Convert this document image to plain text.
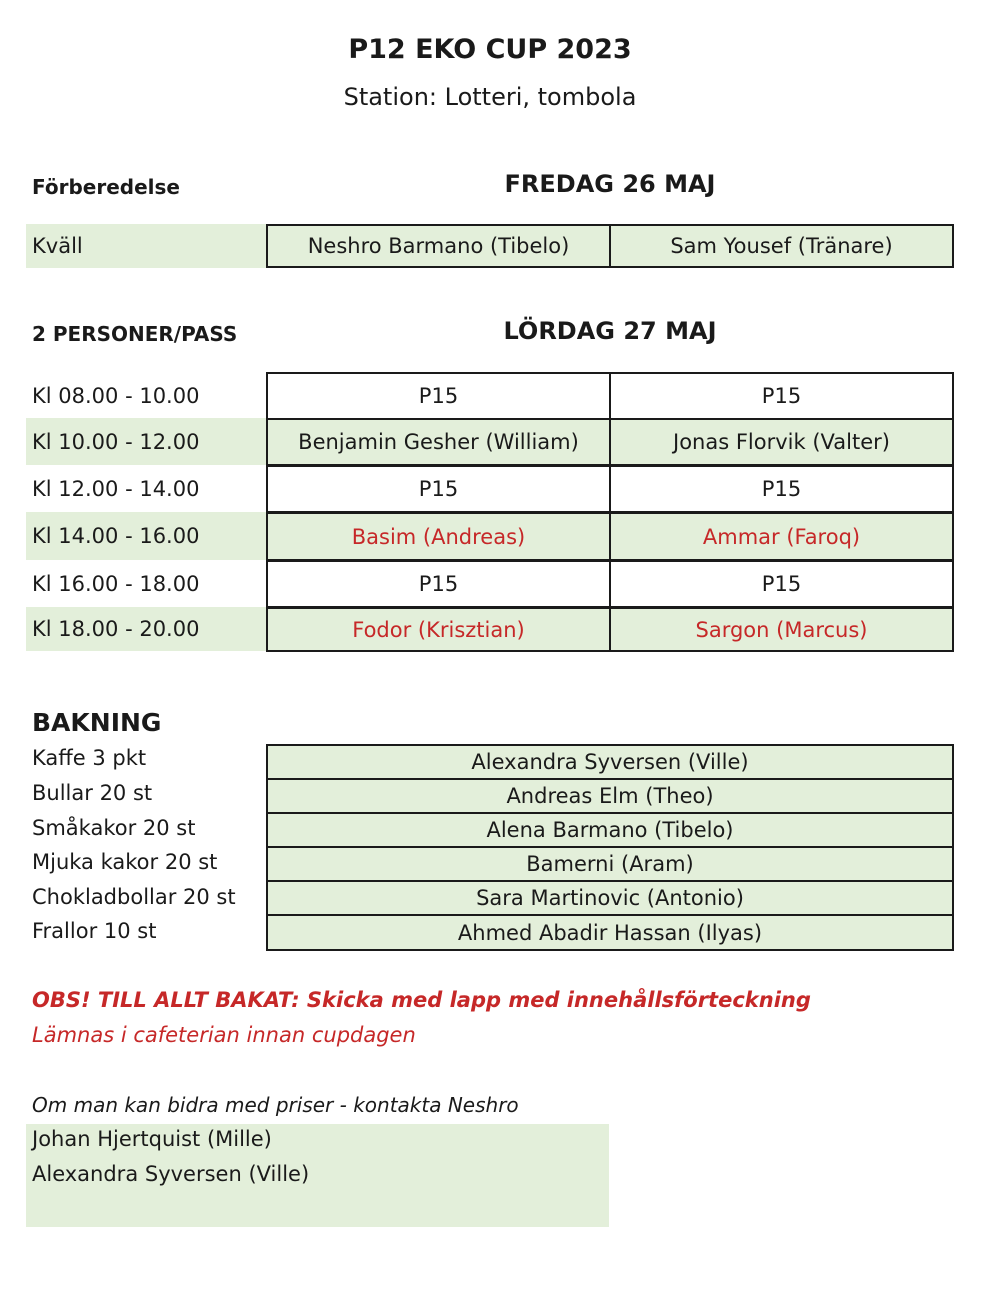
P12 EKO CUP 2023
Station: Lotteri, tombola
Förberedelse	FREDAG 26 MAJ
Kväll	Neshro Barmano (Tibelo)	Sam Yousef (Tränare)
2 PERSONER/PASS	LÖRDAG 27 MAJ
Kl 08.00 - 10.00	P15	P15
Kl 10.00 - 12.00	Benjamin Gesher (William)	Jonas Florvik (Valter)
Kl 12.00 - 14.00	P15	P15
Kl 14.00 - 16.00	Basim (Andreas)	Ammar (Faroq)
Kl 16.00 - 18.00	P15	P15
Kl 18.00 - 20.00	Fodor (Krisztian)	Sargon (Marcus)
BAKNING
Kaffe 3 pkt	Alexandra Syversen (Ville)
Bullar 20 st	Andreas Elm (Theo)
Småkakor 20 st	Alena Barmano (Tibelo)
Mjuka kakor 20 st	Bamerni (Aram)
Chokladbollar 20 st	Sara Martinovic (Antonio)
Frallor 10 st	Ahmed Abadir Hassan (Ilyas)
OBS! TILL ALLT BAKAT: Skicka med lapp med innehållsförteckning
Lämnas i cafeterian innan cupdagen
Om man kan bidra med priser - kontakta Neshro
Johan Hjertquist (Mille)
Alexandra Syversen (Ville)
